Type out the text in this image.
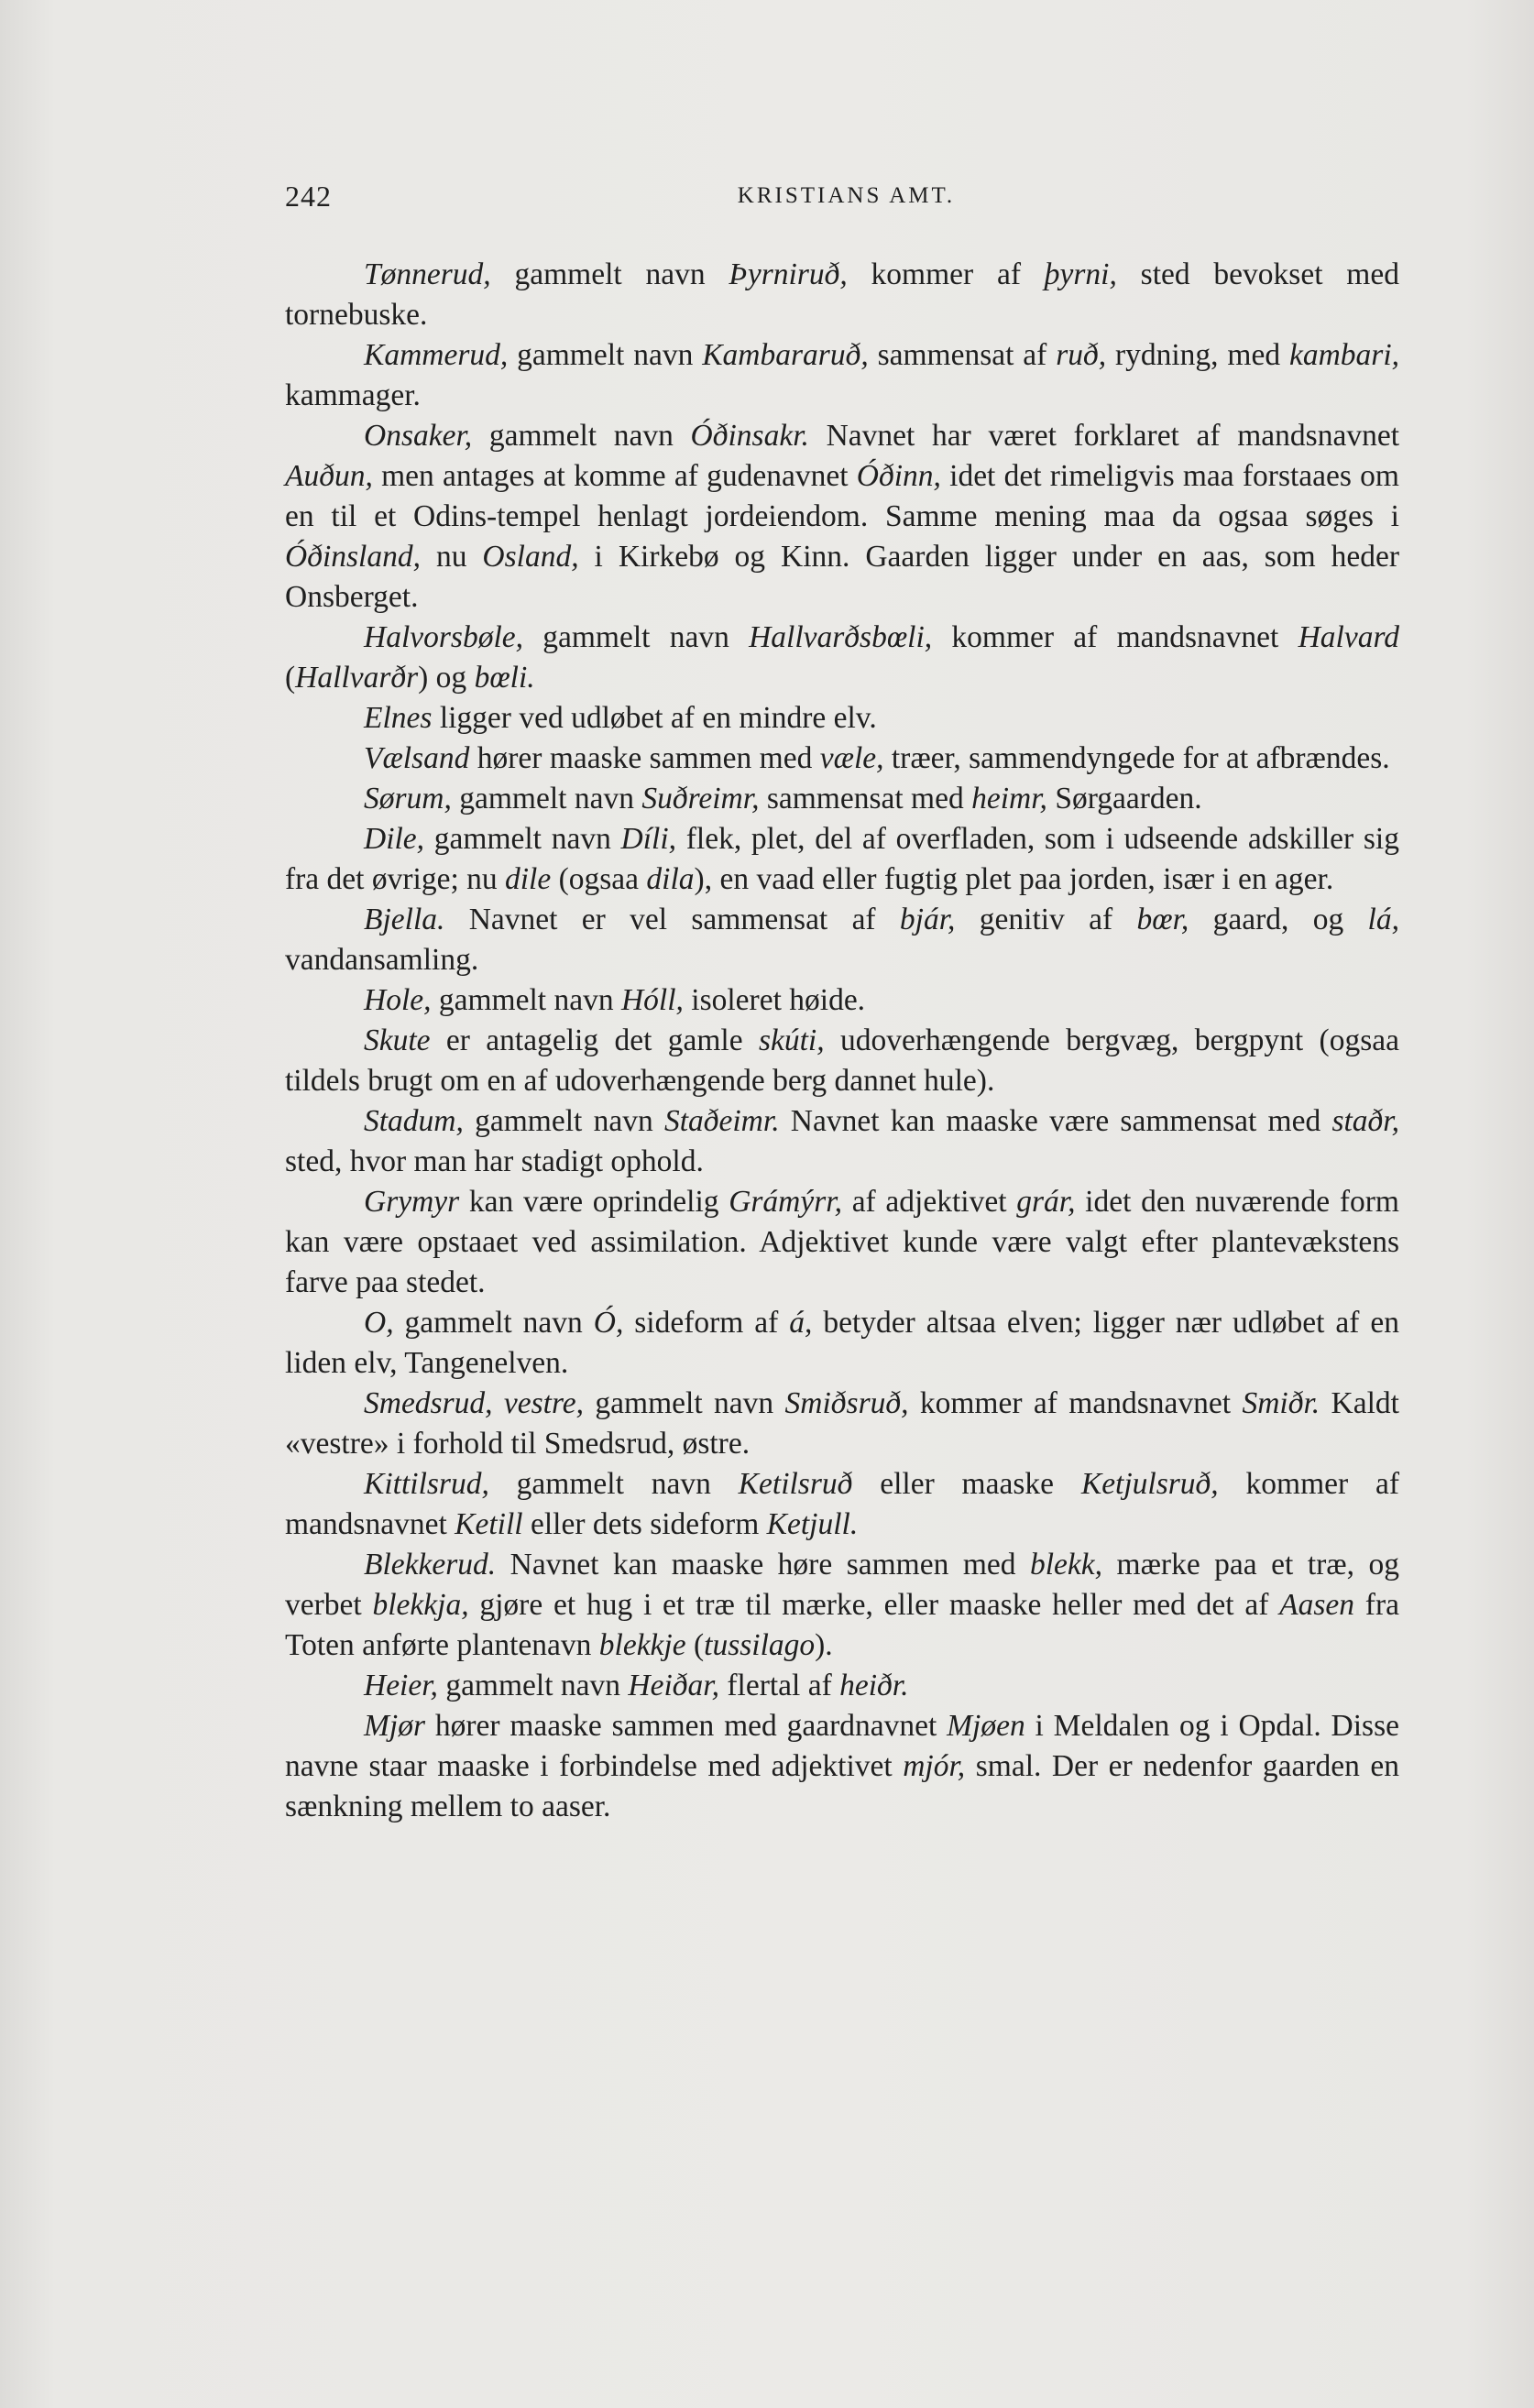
242	KRISTIANS AMT.

Tønnerud, gammelt navn Þyrniruð, kommer af þyrni, sted bevokset med tornebuske.

Kammerud, gammelt navn Kambararuð, sammensat af ruð, rydning, med kambari, kammager.

Onsaker, gammelt navn Óðinsakr. Navnet har været forklaret af mandsnavnet Auðun, men antages at komme af gudenavnet Óðinn, idet det rimeligvis maa forstaaes om en til et Odins-tempel henlagt jordeiendom. Samme mening maa da ogsaa søges i Óðinsland, nu Osland, i Kirkebø og Kinn. Gaarden ligger under en aas, som heder Onsberget.

Halvorsbøle, gammelt navn Hallvarðsbœli, kommer af mandsnavnet Halvard (Hallvarðr) og bœli.

Elnes ligger ved udløbet af en mindre elv.

Vælsand hører maaske sammen med væle, træer, sammendyngede for at afbrændes.

Sørum, gammelt navn Suðreimr, sammensat med heimr, Sørgaarden.

Dile, gammelt navn Díli, flek, plet, del af overfladen, som i udseende adskiller sig fra det øvrige; nu dile (ogsaa dila), en vaad eller fugtig plet paa jorden, især i en ager.

Bjella. Navnet er vel sammensat af bjár, genitiv af bœr, gaard, og lá, vandansamling.

Hole, gammelt navn Hóll, isoleret høide.

Skute er antagelig det gamle skúti, udoverhængende bergvæg, bergpynt (ogsaa tildels brugt om en af udoverhængende berg dannet hule).

Stadum, gammelt navn Staðeimr. Navnet kan maaske være sammensat med staðr, sted, hvor man har stadigt ophold.

Grymyr kan være oprindelig Grámýrr, af adjektivet grár, idet den nuværende form kan være opstaaet ved assimilation. Adjektivet kunde være valgt efter plantevækstens farve paa stedet.

O, gammelt navn Ó, sideform af á, betyder altsaa elven; ligger nær udløbet af en liden elv, Tangenelven.

Smedsrud, vestre, gammelt navn Smiðsruð, kommer af mandsnavnet Smiðr. Kaldt «vestre» i forhold til Smedsrud, østre.

Kittilsrud, gammelt navn Ketilsruð eller maaske Ketjulsruð, kommer af mandsnavnet Ketill eller dets sideform Ketjull.

Blekkerud. Navnet kan maaske høre sammen med blekk, mærke paa et træ, og verbet blekkja, gjøre et hug i et træ til mærke, eller maaske heller med det af Aasen fra Toten anførte plantenavn blekkje (tussilago).

Heier, gammelt navn Heiðar, flertal af heiðr.

Mjør hører maaske sammen med gaardnavnet Mjøen i Meldalen og i Opdal. Disse navne staar maaske i forbindelse med adjektivet mjór, smal. Der er nedenfor gaarden en sænkning mellem to aaser.
